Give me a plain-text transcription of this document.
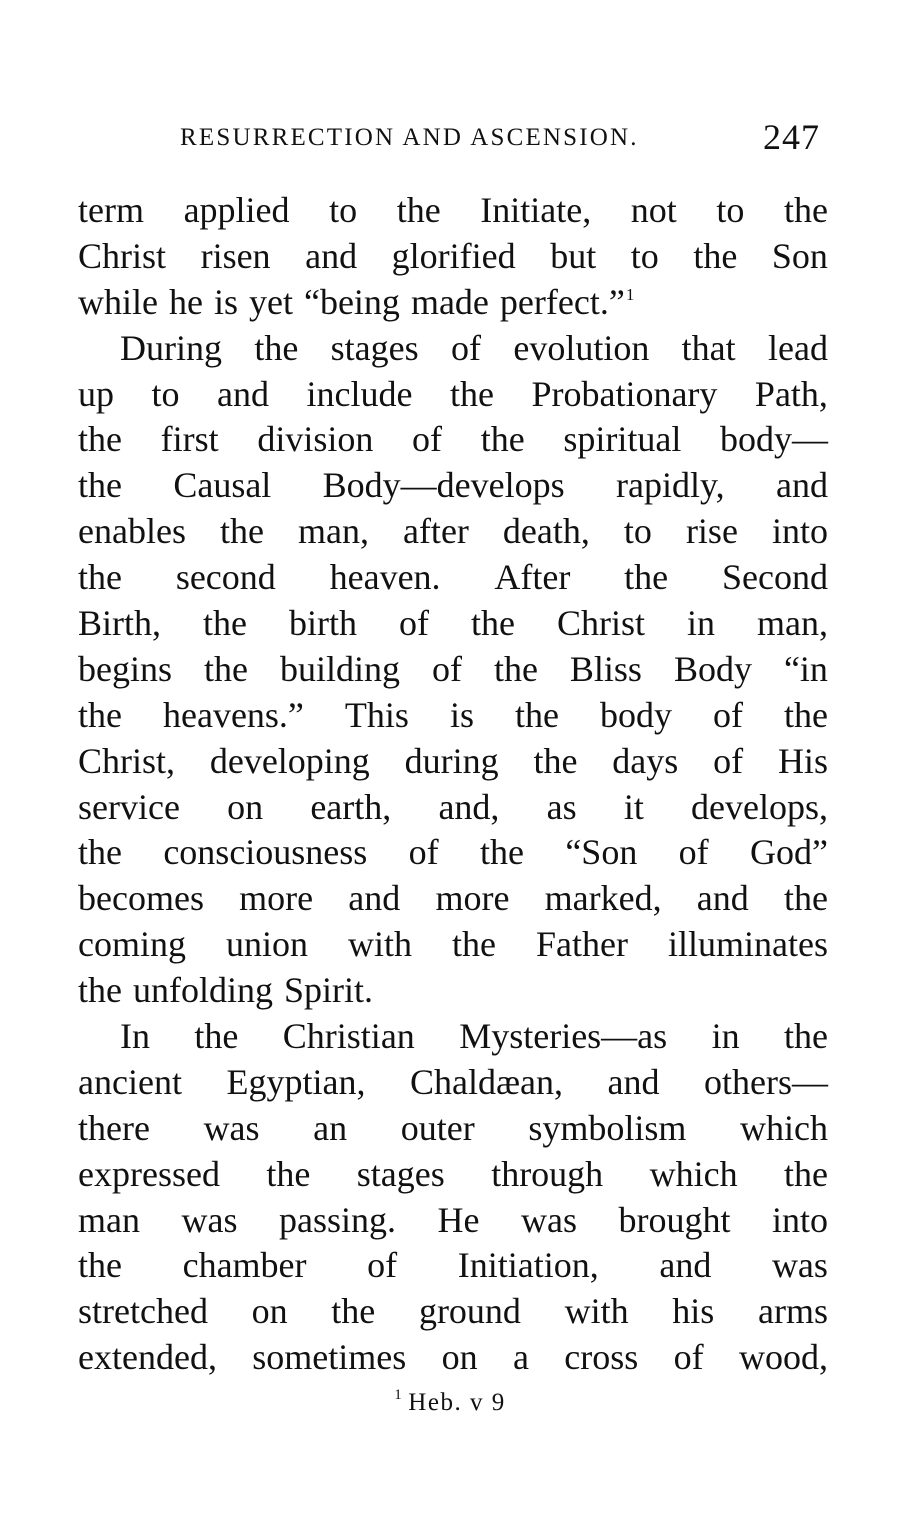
RESURRECTION AND ASCENSION.	247
term applied to the Initiate, not to the
Christ risen and glorified but to the Son
while he is yet “being made perfect.”$^1$
During the stages of evolution that lead
up to and include the Probationary Path,
the first division of the spiritual body—
the Causal Body—develops rapidly, and
enables the man, after death, to rise into
the second heaven. After the Second
Birth, the birth of the Christ in man,
begins the building of the Bliss Body “in
the heavens.” This is the body of the
Christ, developing during the days of His
service on earth, and, as it develops,
the consciousness of the “Son of God”
becomes more and more marked, and the
coming union with the Father illuminates
the unfolding Spirit.
In the Christian Mysteries—as in the
ancient Egyptian, Chaldæan, and others—
there was an outer symbolism which
expressed the stages through which the
man was passing. He was brought into
the chamber of Initiation, and was
stretched on the ground with his arms
extended, sometimes on a cross of wood,
$^1$ Heb. v 9
